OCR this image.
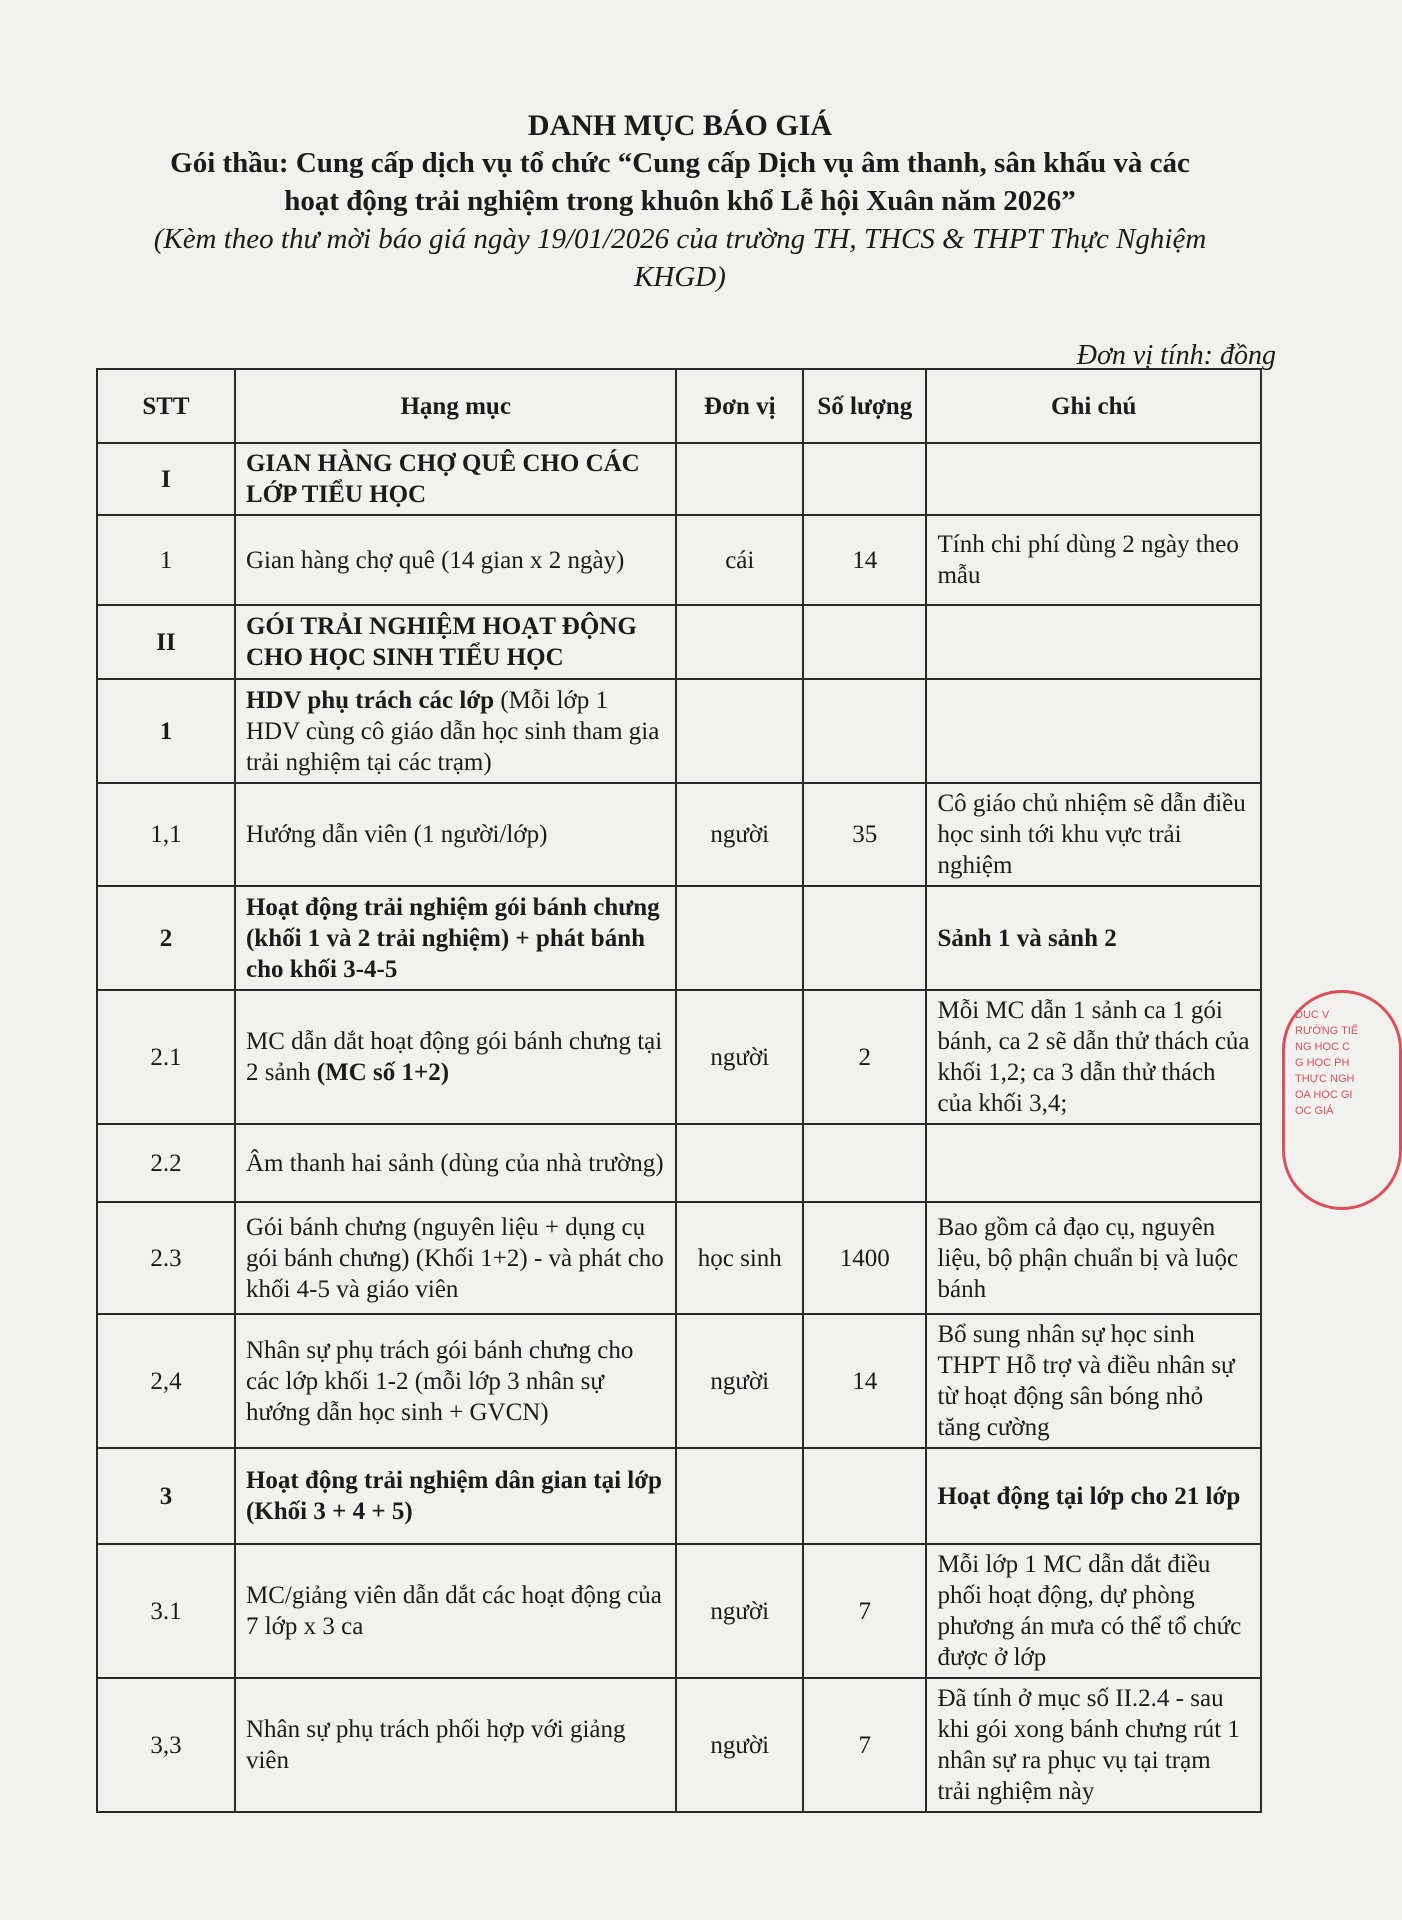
DANH MỤC BÁO GIÁ

Gói thầu: Cung cấp dịch vụ tổ chức “Cung cấp Dịch vụ âm thanh, sân khấu và các

hoạt động trải nghiệm trong khuôn khổ Lễ hội Xuân năm 2026”

(Kèm theo thư mời báo giá ngày 19/01/2026 của trường TH, THCS & THPT Thực Nghiệm

KHGD)

Đơn vị tính: đồng
STT	Hạng mục	Đơn vị	Số lượng	Ghi chú
I	GIAN HÀNG CHỢ QUÊ CHO CÁC LỚP TIỂU HỌC			
1	Gian hàng chợ quê (14 gian x 2 ngày)	cái	14	Tính chi phí dùng 2 ngày theo mẫu
II	GÓI TRẢI NGHIỆM HOẠT ĐỘNG CHO HỌC SINH TIỂU HỌC			
1	HDV phụ trách các lớp (Mỗi lớp 1 HDV cùng cô giáo dẫn học sinh tham gia trải nghiệm tại các trạm)			
1,1	Hướng dẫn viên (1 người/lớp)	người	35	Cô giáo chủ nhiệm sẽ dẫn điều học sinh tới khu vực trải nghiệm
2	Hoạt động trải nghiệm gói bánh chưng (khối 1 và 2 trải nghiệm) + phát bánh cho khối 3-4-5			Sảnh 1 và sảnh 2
2.1	MC dẫn dắt hoạt động gói bánh chưng tại 2 sảnh (MC số 1+2)	người	2	Mỗi MC dẫn 1 sảnh ca 1 gói bánh, ca 2 sẽ dẫn thử thách của khối 1,2; ca 3 dẫn thử thách của khối 3,4;
2.2	Âm thanh hai sảnh (dùng của nhà trường)			
2.3	Gói bánh chưng (nguyên liệu + dụng cụ gói bánh chưng) (Khối 1+2) - và phát cho khối 4-5 và giáo viên	học sinh	1400	Bao gồm cả đạo cụ, nguyên liệu, bộ phận chuẩn bị và luộc bánh
2,4	Nhân sự phụ trách gói bánh chưng cho các lớp khối 1-2 (mỗi lớp 3 nhân sự hướng dẫn học sinh + GVCN)	người	14	Bổ sung nhân sự học sinh THPT Hỗ trợ và điều nhân sự từ hoạt động sân bóng nhỏ tăng cường
3	Hoạt động trải nghiệm dân gian tại lớp (Khối 3 + 4 + 5)			Hoạt động tại lớp cho 21 lớp
3.1	MC/giảng viên dẫn dắt các hoạt động của 7 lớp x 3 ca	người	7	Mỗi lớp 1 MC dẫn dắt điều phối hoạt động, dự phòng phương án mưa có thể tổ chức được ở lớp
3,3	Nhân sự phụ trách phối hợp với giảng viên	người	7	Đã tính ở mục số II.2.4 - sau khi gói xong bánh chưng rút 1 nhân sự ra phục vụ tại trạm trải nghiệm này
DỤC V
RƯỜNG TIỂ
NG HỌC C
G HỌC PH
THỰC NGH
OA HỌC GI
OC GIÁ
